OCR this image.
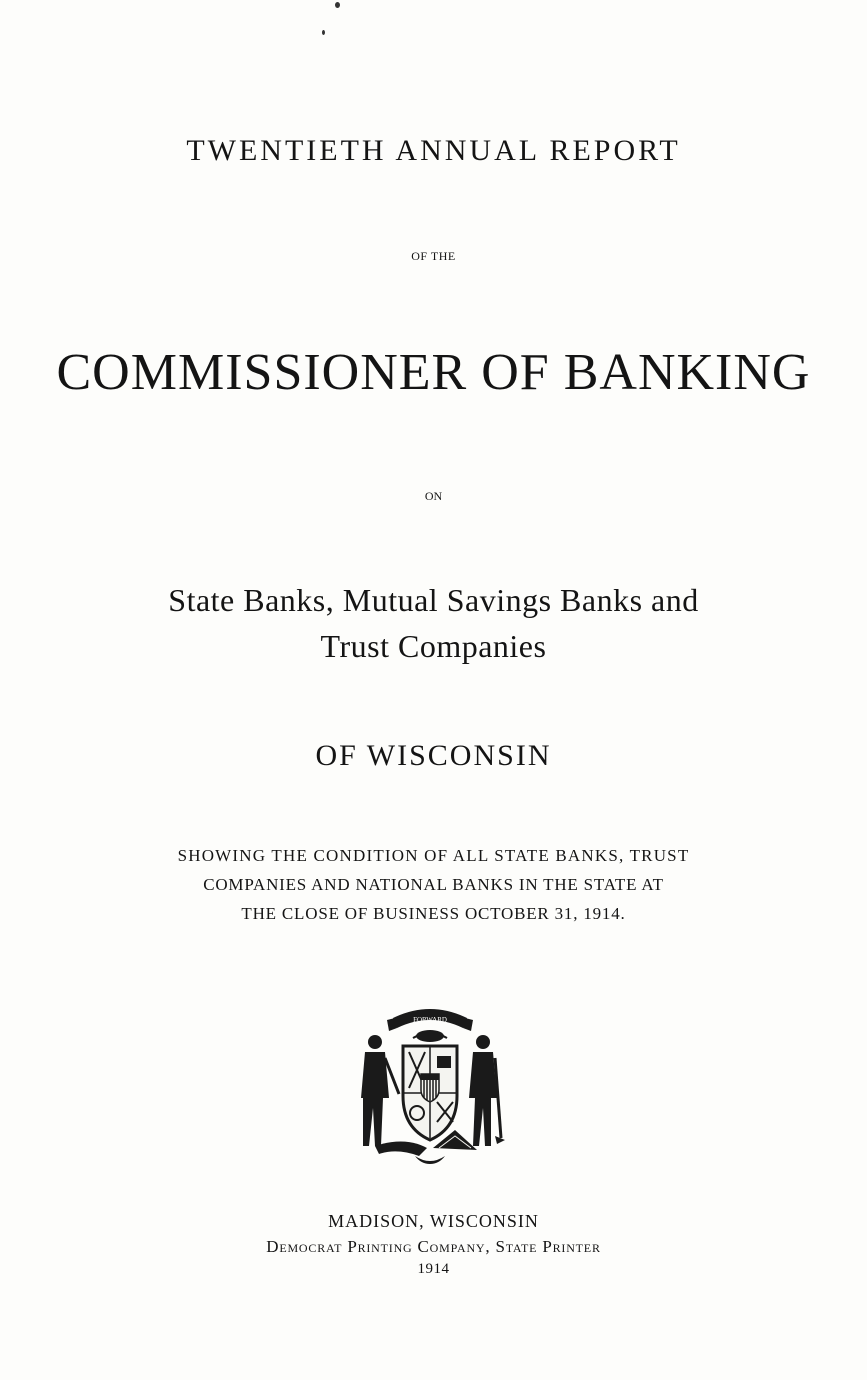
TWENTIETH ANNUAL REPORT
OF THE
COMMISSIONER OF BANKING
ON
State Banks, Mutual Savings Banks and
Trust Companies
OF WISCONSIN
SHOWING THE CONDITION OF ALL STATE BANKS, TRUST
COMPANIES AND NATIONAL BANKS IN THE STATE AT
THE CLOSE OF BUSINESS OCTOBER 31, 1914.
FORWARD
MADISON, WISCONSIN
Democrat Printing Company, State Printer
1914
